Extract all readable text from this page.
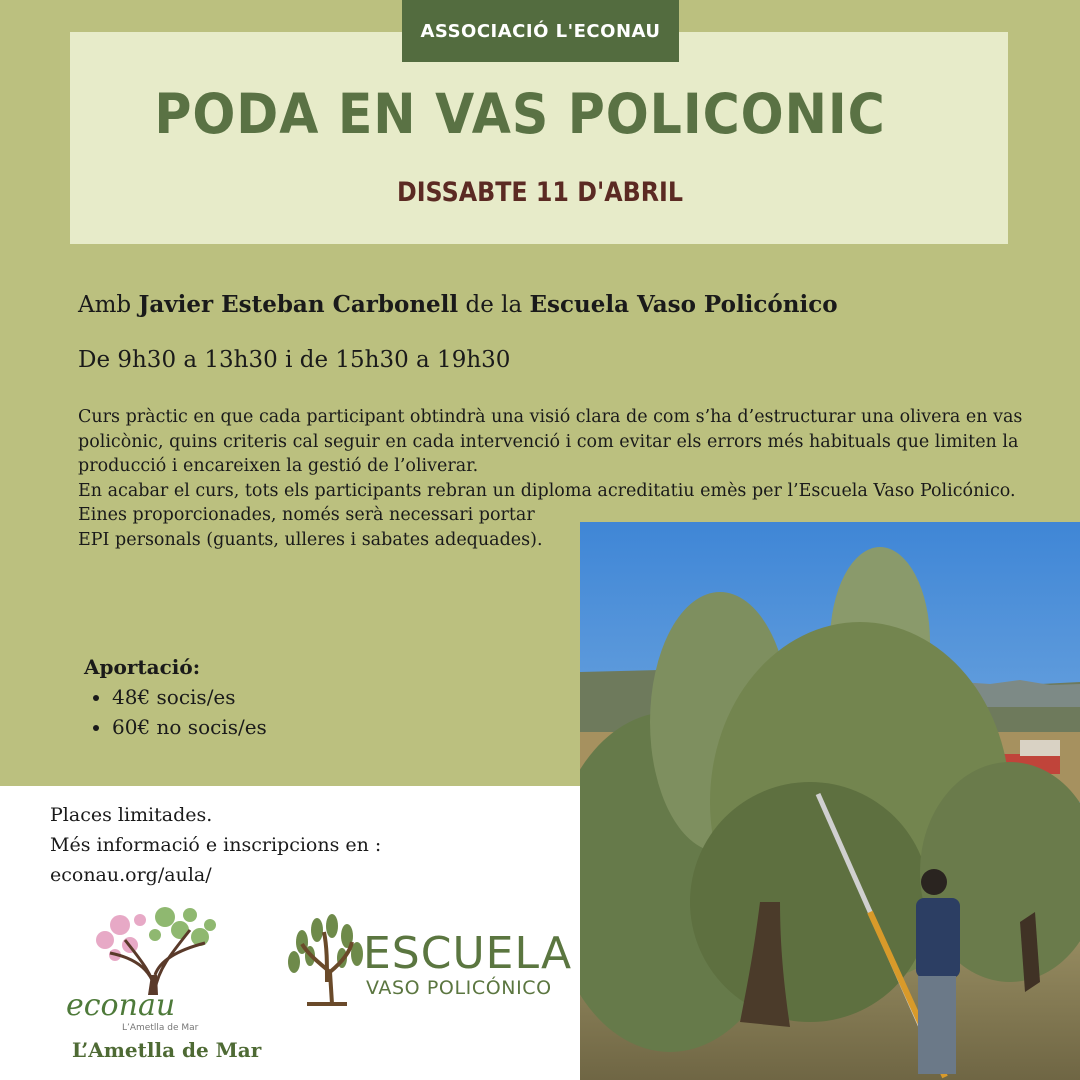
ASSOCIACIÓ L'ECONAU
PODA EN VAS POLICONIC
DISSABTE 11 D'ABRIL
Amb Javier Esteban Carbonell de la Escuela Vaso Policónico
De 9h30 a 13h30 i de 15h30 a 19h30

Curs pràctic en que cada participant obtindrà una visió clara de com s’ha d’estructurar una olivera en vas policònic, quins criteris cal seguir en cada intervenció i com evitar els errors més habituals que limiten la producció i encareixen la gestió de l’oliverar.

En acabar el curs, tots els participants rebran un diploma acreditatiu emès per l’Escuela Vaso Policónico.

Eines proporcionades, només serà necessari portar

EPI personals (guants, ulleres i sabates adequades).

Aportació:
• 48€ socis/es
• 60€ no socis/es
Places limitades.
Més informació e inscripcions en :
econau.org/aula/
econau
L’Ametlla de Mar
L’Ametlla de Mar
ESCUELA
VASO POLICÓNICO
